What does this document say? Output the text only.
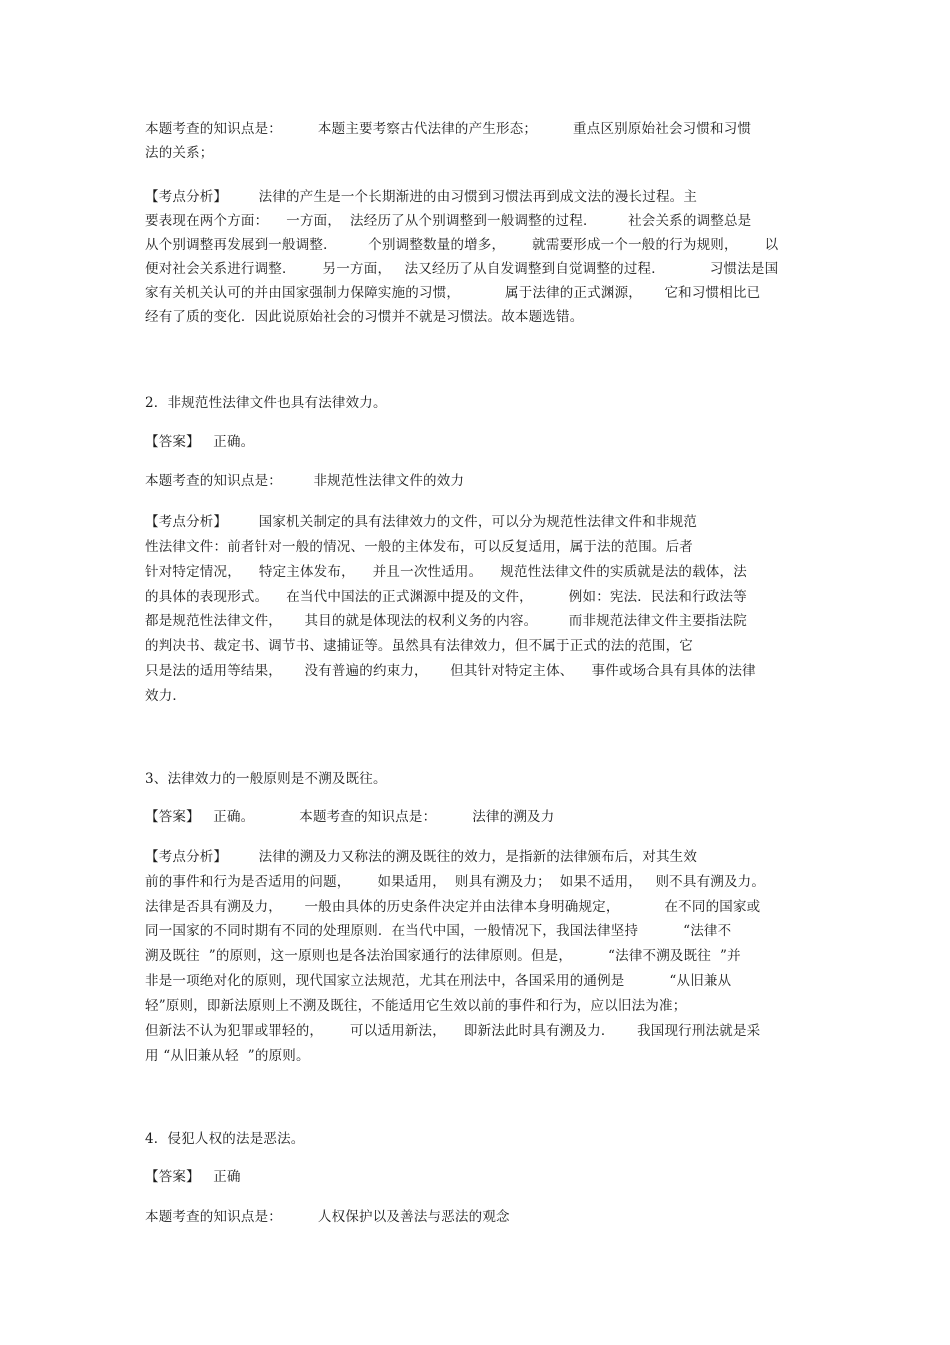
本题考查的知识点是：        本题主要考察古代法律的产生形态；        重点区别原始社会习惯和习惯
法的关系；
【考点分析】       法律的产生是一个长期渐进的由习惯到习惯法再到成文法的漫长过程。主
要表现在两个方面：    一方面，  法经历了从个别调整到一般调整的过程．       社会关系的调整总是
从个别调整再发展到一般调整．       个别调整数量的增多，      就需要形成一个一般的行为规则，      以
便对社会关系进行调整．      另一方面，   法又经历了从自发调整到自觉调整的过程．          习惯法是国
家有关机关认可的并由国家强制力保障实施的习惯，          属于法律的正式渊源，     它和习惯相比已
经有了质的变化．因此说原始社会的习惯并不就是习惯法。故本题选错。
2．非规范性法律文件也具有法律效力。
【答案】   正确。
本题考查的知识点是：       非规范性法律文件的效力
【考点分析】       国家机关制定的具有法律效力的文件，可以分为规范性法律文件和非规范
性法律文件：前者针对一般的情况、一般的主体发布，可以反复适用，属于法的范围。后者
针对特定情况，    特定主体发布，    并且一次性适用。    规范性法律文件的实质就是法的载体，法
的具体的表现形式。    在当代中国法的正式渊源中提及的文件，        例如：宪法．民法和行政法等
都是规范性法律文件，     其目的就是体现法的权利义务的内容。       而非规范法律文件主要指法院
的判决书、裁定书、调节书、逮捕证等。虽然具有法律效力，但不属于正式的法的范围，它
只是法的适用等结果，     没有普遍的约束力，     但其针对特定主体、    事件或场合具有具体的法律
效力．
3、法律效力的一般原则是不溯及既往。
【答案】   正确。          本题考查的知识点是：        法律的溯及力
【考点分析】       法律的溯及力又称法的溯及既往的效力，是指新的法律颁布后，对其生效
前的事件和行为是否适用的问题，      如果适用，  则具有溯及力；  如果不适用，   则不具有溯及力。
法律是否具有溯及力，     一般由具体的历史条件决定并由法律本身明确规定，          在不同的国家或
同一国家的不同时期有不同的处理原则．在当代中国，一般情况下，我国法律坚持          “法律不
溯及既往  ”的原则，这一原则也是各法治国家通行的法律原则。但是，        “法律不溯及既往  ”并
非是一项绝对化的原则，现代国家立法规范，尤其在刑法中，各国采用的通例是          “从旧兼从
轻”原则，即新法原则上不溯及既往，不能适用它生效以前的事件和行为，应以旧法为准；
但新法不认为犯罪或罪轻的，      可以适用新法，    即新法此时具有溯及力．     我国现行刑法就是采
用 “从旧兼从轻  ”的原则。
4．侵犯人权的法是恶法。
【答案】   正确
本题考查的知识点是：        人权保护以及善法与恶法的观念
